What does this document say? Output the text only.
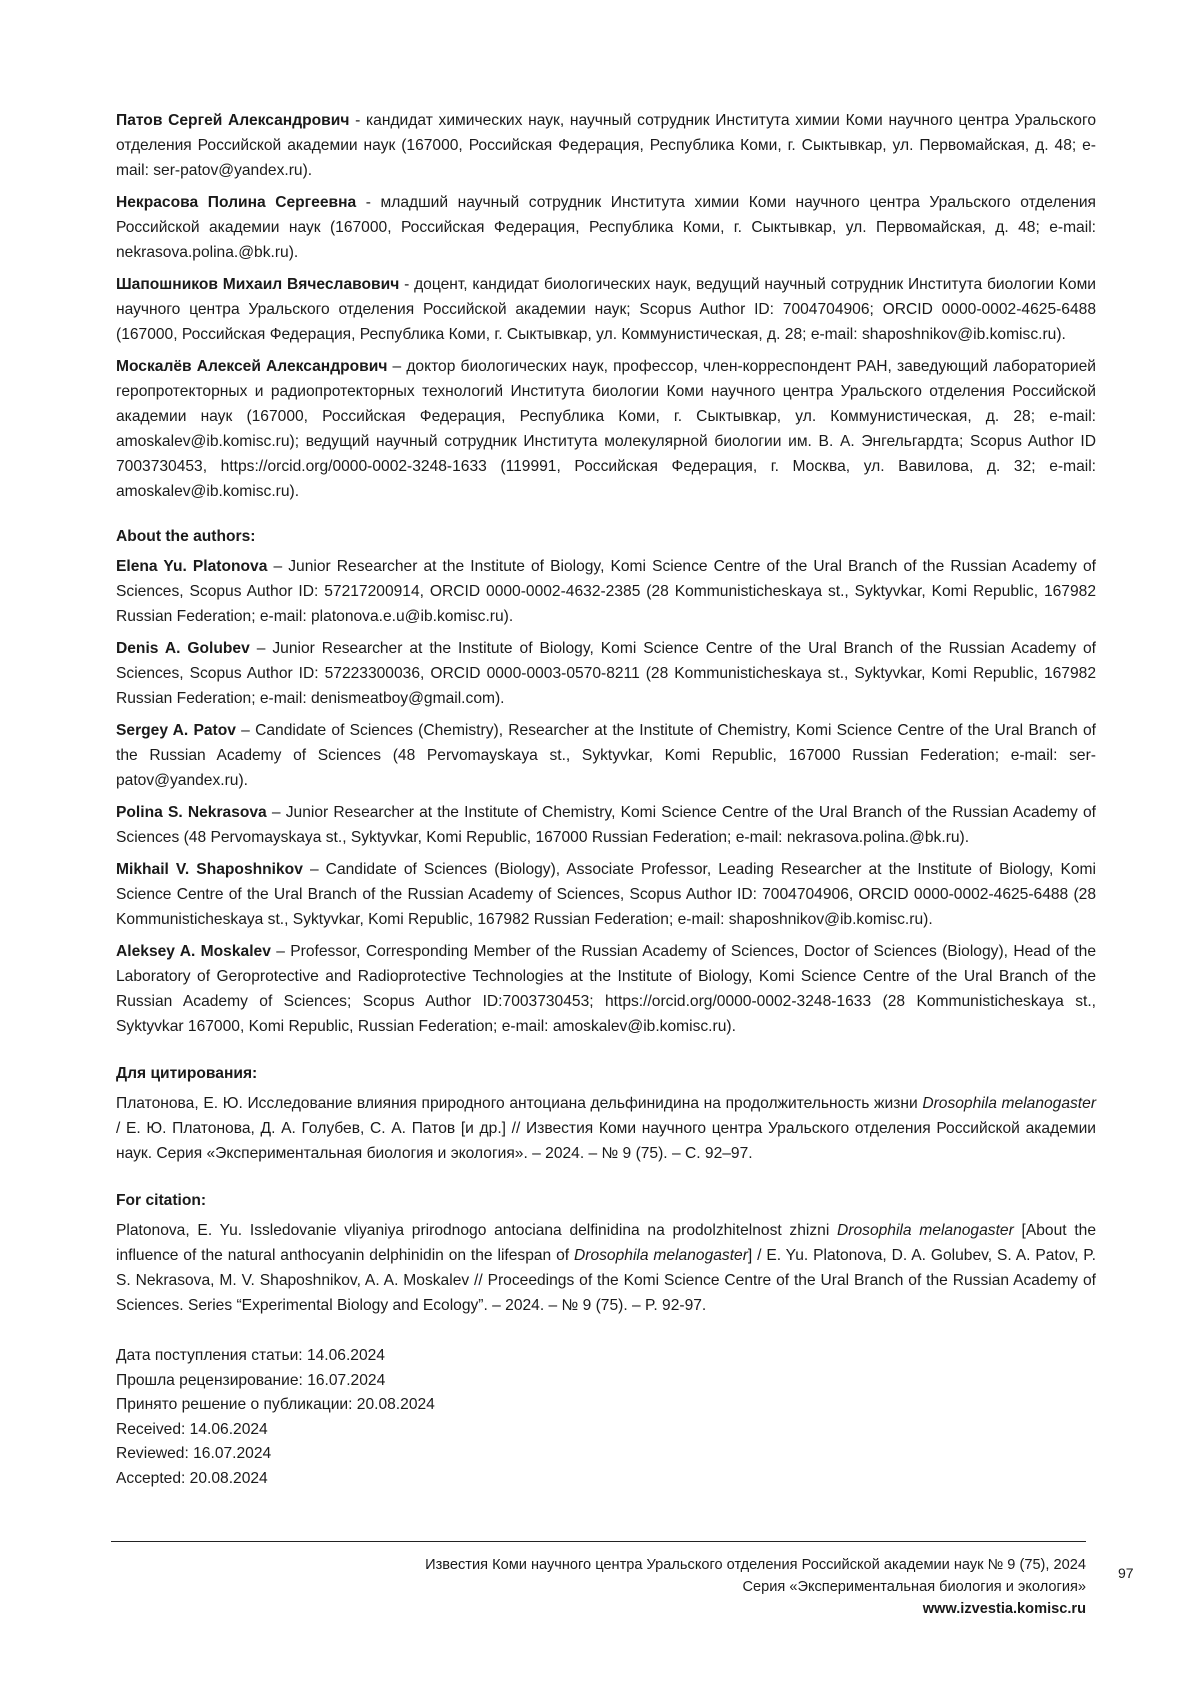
Патов Сергей Александрович - кандидат химических наук, научный сотрудник Института химии Коми научного центра Уральского отделения Российской академии наук (167000, Российская Федерация, Республика Коми, г. Сыктывкар, ул. Первомайская, д. 48; e-mail: ser-patov@yandex.ru).

Некрасова Полина Сергеевна - младший научный сотрудник Института химии Коми научного центра Уральского отделения Российской академии наук (167000, Российская Федерация, Республика Коми, г. Сыктывкар, ул. Первомайская, д. 48; e-mail: nekrasova.polina.@bk.ru).

Шапошников Михаил Вячеславович - доцент, кандидат биологических наук, ведущий научный сотрудник Института биологии Коми научного центра Уральского отделения Российской академии наук; Scopus Author ID: 7004704906; ORCID 0000-0002-4625-6488 (167000, Российская Федерация, Республика Коми, г. Сыктывкар, ул. Коммунистическая, д. 28; e-mail: shaposhnikov@ib.komisc.ru).

Москалёв Алексей Александрович – доктор биологических наук, профессор, член-корреспондент РАН, заведующий лабораторией геропротекторных и радиопротекторных технологий Института биологии Коми научного центра Уральского отделения Российской академии наук (167000, Российская Федерация, Республика Коми, г. Сыктывкар, ул. Коммунистическая, д. 28; e-mail: amoskalev@ib.komisc.ru); ведущий научный сотрудник Института молекулярной биологии им. В. А. Энгельгардта; Scopus Author ID 7003730453, https://orcid.org/0000-0002-3248-1633 (119991, Российская Федерация, г. Москва, ул. Вавилова, д. 32; e-mail: amoskalev@ib.komisc.ru).

About the authors:

Elena Yu. Platonova – Junior Researcher at the Institute of Biology, Komi Science Centre of the Ural Branch of the Russian Academy of Sciences, Scopus Author ID: 57217200914, ORCID 0000-0002-4632-2385 (28 Kommunisticheskaya st., Syktyvkar, Komi Republic, 167982 Russian Federation; e-mail: platonova.e.u@ib.komisc.ru).

Denis A. Golubev – Junior Researcher at the Institute of Biology, Komi Science Centre of the Ural Branch of the Russian Academy of Sciences, Scopus Author ID: 57223300036, ORCID 0000-0003-0570-8211 (28 Kommunisticheskaya st., Syktyvkar, Komi Republic, 167982 Russian Federation; e-mail: denismeatboy@gmail.com).

Sergey A. Patov – Candidate of Sciences (Chemistry), Researcher at the Institute of Chemistry, Komi Science Centre of the Ural Branch of the Russian Academy of Sciences (48 Pervomayskaya st., Syktyvkar, Komi Republic, 167000 Russian Federation; e-mail: ser-patov@yandex.ru).

Polina S. Nekrasova – Junior Researcher at the Institute of Chemistry, Komi Science Centre of the Ural Branch of the Russian Academy of Sciences (48 Pervomayskaya st., Syktyvkar, Komi Republic, 167000 Russian Federation; e-mail: nekrasova.polina.@bk.ru).

Mikhail V. Shaposhnikov – Candidate of Sciences (Biology), Associate Professor, Leading Researcher at the Institute of Biology, Komi Science Centre of the Ural Branch of the Russian Academy of Sciences, Scopus Author ID: 7004704906, ORCID 0000-0002-4625-6488 (28 Kommunisticheskaya st., Syktyvkar, Komi Republic, 167982 Russian Federation; e-mail: shaposhnikov@ib.komisc.ru).

Aleksey A. Moskalev – Professor, Corresponding Member of the Russian Academy of Sciences, Doctor of Sciences (Biology), Head of the Laboratory of Geroprotective and Radioprotective Technologies at the Institute of Biology, Komi Science Centre of the Ural Branch of the Russian Academy of Sciences; Scopus Author ID:7003730453; https://orcid.org/0000-0002-3248-1633 (28 Kommunisticheskaya st., Syktyvkar 167000, Komi Republic, Russian Federation; e-mail: amoskalev@ib.komisc.ru).

Для цитирования:

Платонова, Е. Ю. Исследование влияния природного антоциана дельфинидина на продолжительность жизни Drosophila melanogaster / Е. Ю. Платонова, Д. А. Голубев, С. А. Патов [и др.] // Известия Коми научного центра Уральского отделения Российской академии наук. Серия «Экспериментальная биология и экология». – 2024. – № 9 (75). – С. 92–97.

For citation:

Platonova, E. Yu. Issledovanie vliyaniya prirodnogo antociana delfinidina na prodolzhitelnost zhizni Drosophila melanogaster [About the influence of the natural anthocyanin delphinidin on the lifespan of Drosophila melanogaster] / E. Yu. Platonova, D. A. Golubev, S. A. Patov, P. S. Nekrasova, M. V. Shaposhnikov, A. A. Moskalev // Proceedings of the Komi Science Centre of the Ural Branch of the Russian Academy of Sciences. Series “Experimental Biology and Ecology”. – 2024. – № 9 (75). – P. 92-97.

Дата поступления статьи: 14.06.2024
Прошла рецензирование: 16.07.2024
Принято решение о публикации: 20.08.2024
Received: 14.06.2024
Reviewed: 16.07.2024
Accepted: 20.08.2024
Известия Коми научного центра Уральского отделения Российской академии наук № 9 (75), 2024
Серия «Экспериментальная биология и экология»
www.izvestia.komisc.ru
97
